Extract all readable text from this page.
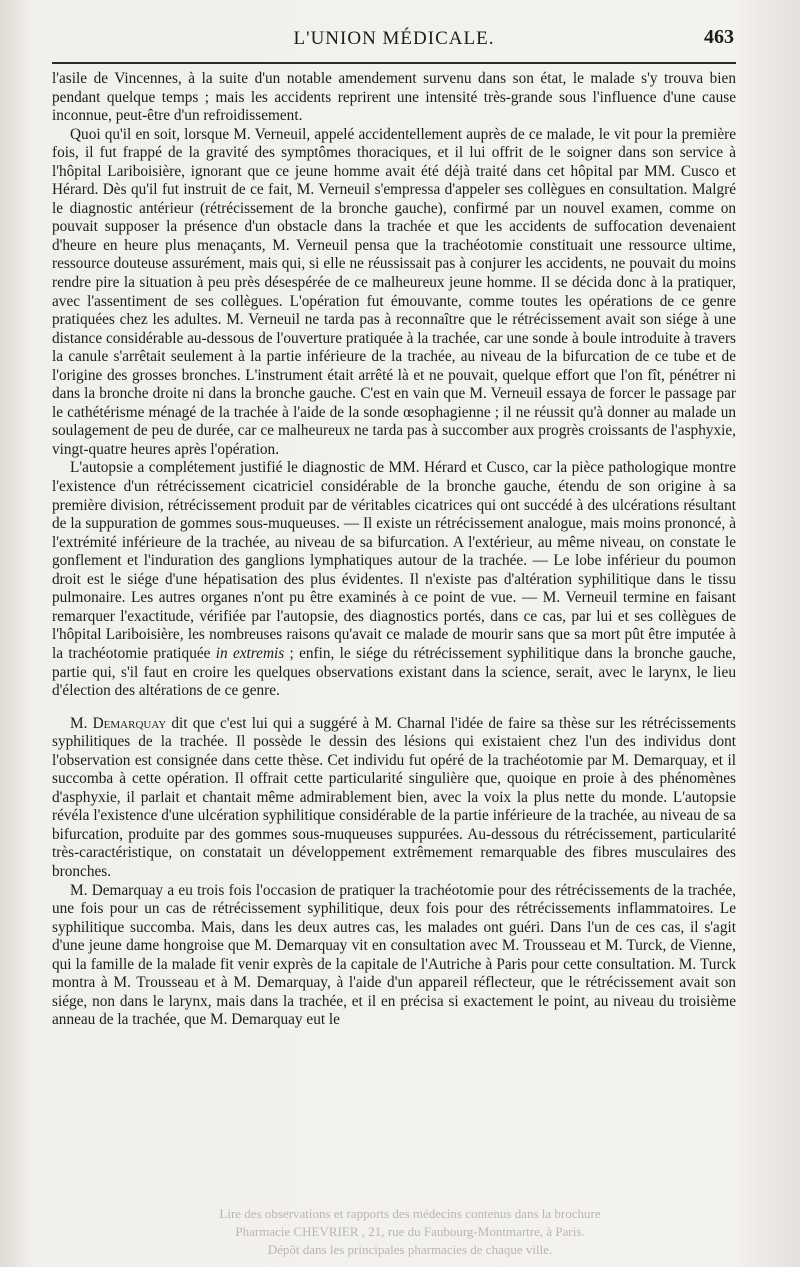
L'UNION MÉDICALE.	463

l'asile de Vincennes, à la suite d'un notable amendement survenu dans son état, le malade s'y trouva bien pendant quelque temps ; mais les accidents reprirent une intensité très-grande sous l'influence d'une cause inconnue, peut-être d'un refroidissement.

Quoi qu'il en soit, lorsque M. Verneuil, appelé accidentellement auprès de ce malade, le vit pour la première fois, il fut frappé de la gravité des symptômes thoraciques, et il lui offrit de le soigner dans son service à l'hôpital Lariboisière, ignorant que ce jeune homme avait été déjà traité dans cet hôpital par MM. Cusco et Hérard. Dès qu'il fut instruit de ce fait, M. Verneuil s'empressa d'appeler ses collègues en consultation. Malgré le diagnostic antérieur (rétrécissement de la bronche gauche), confirmé par un nouvel examen, comme on pouvait supposer la présence d'un obstacle dans la trachée et que les accidents de suffocation devenaient d'heure en heure plus menaçants, M. Verneuil pensa que la trachéotomie constituait une ressource ultime, ressource douteuse assurément, mais qui, si elle ne réussissait pas à conjurer les accidents, ne pouvait du moins rendre pire la situation à peu près désespérée de ce malheureux jeune homme. Il se décida donc à la pratiquer, avec l'assentiment de ses collègues. L'opération fut émouvante, comme toutes les opérations de ce genre pratiquées chez les adultes. M. Verneuil ne tarda pas à reconnaître que le rétrécissement avait son siége à une distance considérable au-dessous de l'ouverture pratiquée à la trachée, car une sonde à boule introduite à travers la canule s'arrêtait seulement à la partie inférieure de la trachée, au niveau de la bifurcation de ce tube et de l'origine des grosses bronches. L'instrument était arrêté là et ne pouvait, quelque effort que l'on fît, pénétrer ni dans la bronche droite ni dans la bronche gauche. C'est en vain que M. Verneuil essaya de forcer le passage par le cathétérisme ménagé de la trachée à l'aide de la sonde œsophagienne ; il ne réussit qu'à donner au malade un soulagement de peu de durée, car ce malheureux ne tarda pas à succomber aux progrès croissants de l'asphyxie, vingt-quatre heures après l'opération.

L'autopsie a complétement justifié le diagnostic de MM. Hérard et Cusco, car la pièce pathologique montre l'existence d'un rétrécissement cicatriciel considérable de la bronche gauche, étendu de son origine à sa première division, rétrécissement produit par de véritables cicatrices qui ont succédé à des ulcérations résultant de la suppuration de gommes sous-muqueuses. — Il existe un rétrécissement analogue, mais moins prononcé, à l'extrémité inférieure de la trachée, au niveau de sa bifurcation. A l'extérieur, au même niveau, on constate le gonflement et l'induration des ganglions lymphatiques autour de la trachée. — Le lobe inférieur du poumon droit est le siége d'une hépatisation des plus évidentes. Il n'existe pas d'altération syphilitique dans le tissu pulmonaire. Les autres organes n'ont pu être examinés à ce point de vue. — M. Verneuil termine en faisant remarquer l'exactitude, vérifiée par l'autopsie, des diagnostics portés, dans ce cas, par lui et ses collègues de l'hôpital Lariboisière, les nombreuses raisons qu'avait ce malade de mourir sans que sa mort pût être imputée à la trachéotomie pratiquée in extremis ; enfin, le siége du rétrécissement syphilitique dans la bronche gauche, partie qui, s'il faut en croire les quelques observations existant dans la science, serait, avec le larynx, le lieu d'élection des altérations de ce genre.

M. Demarquay dit que c'est lui qui a suggéré à M. Charnal l'idée de faire sa thèse sur les rétrécissements syphilitiques de la trachée. Il possède le dessin des lésions qui existaient chez l'un des individus dont l'observation est consignée dans cette thèse. Cet individu fut opéré de la trachéotomie par M. Demarquay, et il succomba à cette opération. Il offrait cette particularité singulière que, quoique en proie à des phénomènes d'asphyxie, il parlait et chantait même admirablement bien, avec la voix la plus nette du monde. L'autopsie révéla l'existence d'une ulcération syphilitique considérable de la partie inférieure de la trachée, au niveau de sa bifurcation, produite par des gommes sous-muqueuses suppurées. Au-dessous du rétrécissement, particularité très-caractéristique, on constatait un développement extrêmement remarquable des fibres musculaires des bronches.

M. Demarquay a eu trois fois l'occasion de pratiquer la trachéotomie pour des rétrécissements de la trachée, une fois pour un cas de rétrécissement syphilitique, deux fois pour des rétrécissements inflammatoires. Le syphilitique succomba. Mais, dans les deux autres cas, les malades ont guéri. Dans l'un de ces cas, il s'agit d'une jeune dame hongroise que M. Demarquay vit en consultation avec M. Trousseau et M. Turck, de Vienne, qui la famille de la malade fit venir exprès de la capitale de l'Autriche à Paris pour cette consultation. M. Turck montra à M. Trousseau et à M. Demarquay, à l'aide d'un appareil réflecteur, que le rétrécissement avait son siége, non dans le larynx, mais dans la trachée, et il en précisa si exactement le point, au niveau du troisième anneau de la trachée, que M. Demarquay eut le

Lire des observations et rapports des médecins contenus dans la brochure
Pharmacie CHEVRIER , 21, rue du Faubourg-Montmartre, à Paris.
Dépôt dans les principales pharmacies de chaque ville.
